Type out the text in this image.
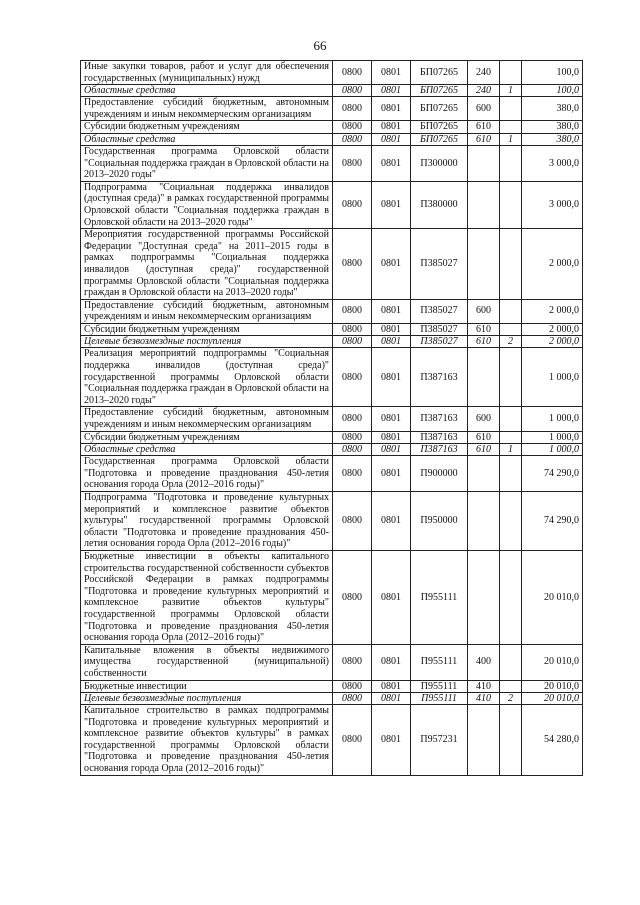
66
Иные закупки товаров, работ и услуг для обеспечения государственных (муниципальных) нужд	0800	0801	БП07265	240		100,0
Областные средства	0800	0801	БП07265	240	1	100,0
Предоставление субсидий бюджетным, автономным учреждениям и иным некоммерческим организациям	0800	0801	БП07265	600		380,0
Субсидии бюджетным учреждениям	0800	0801	БП07265	610		380,0
Областные средства	0800	0801	БП07265	610	1	380,0
Государственная программа Орловской области "Социальная поддержка граждан в Орловской области на 2013–2020 годы"	0800	0801	П300000			3 000,0
Подпрограмма "Социальная поддержка инвалидов (доступная среда)" в рамках государственной программы Орловской области "Социальная поддержка граждан в Орловской области на 2013–2020 годы"	0800	0801	П380000			3 000,0
Мероприятия государственной программы Российской Федерации "Доступная среда" на 2011–2015 годы в рамках подпрограммы "Социальная поддержка инвалидов (доступная среда)" государственной программы Орловской области "Социальная поддержка граждан в Орловской области на 2013–2020 годы"	0800	0801	П385027			2 000,0
Предоставление субсидий бюджетным, автономным учреждениям и иным некоммерческим организациям	0800	0801	П385027	600		2 000,0
Субсидии бюджетным учреждениям	0800	0801	П385027	610		2 000,0
Целевые безвозмездные поступления	0800	0801	П385027	610	2	2 000,0
Реализация мероприятий подпрограммы "Социальная поддержка инвалидов (доступная среда)" государственной программы Орловской области "Социальная поддержка граждан в Орловской области на 2013–2020 годы"	0800	0801	П387163			1 000,0
Предоставление субсидий бюджетным, автономным учреждениям и иным некоммерческим организациям	0800	0801	П387163	600		1 000,0
Субсидии бюджетным учреждениям	0800	0801	П387163	610		1 000,0
Областные средства	0800	0801	П387163	610	1	1 000,0
Государственная программа Орловской области "Подготовка и проведение празднования 450-летия основания города Орла (2012–2016 годы)"	0800	0801	П900000			74 290,0
Подпрограмма "Подготовка и проведение культурных мероприятий и комплексное развитие объектов культуры" государственной программы Орловской области "Подготовка и проведение празднования 450-летия основания города Орла (2012–2016 годы)"	0800	0801	П950000			74 290,0
Бюджетные инвестиции в объекты капитального строительства государственной собственности субъектов Российской Федерации в рамках подпрограммы "Подготовка и проведение культурных мероприятий и комплексное развитие объектов культуры" государственной программы Орловской области "Подготовка и проведение празднования 450-летия основания города Орла (2012–2016 годы)"	0800	0801	П955111			20 010,0
Капитальные вложения в объекты недвижимого имущества государственной (муниципальной) собственности	0800	0801	П955111	400		20 010,0
Бюджетные инвестиции	0800	0801	П955111	410		20 010,0
Целевые безвозмездные поступления	0800	0801	П955111	410	2	20 010,0
Капитальное строительство в рамках подпрограммы "Подготовка и проведение культурных мероприятий и комплексное развитие объектов культуры" в рамках государственной программы Орловской области "Подготовка и проведение празднования 450-летия основания города Орла (2012–2016 годы)"	0800	0801	П957231			54 280,0
